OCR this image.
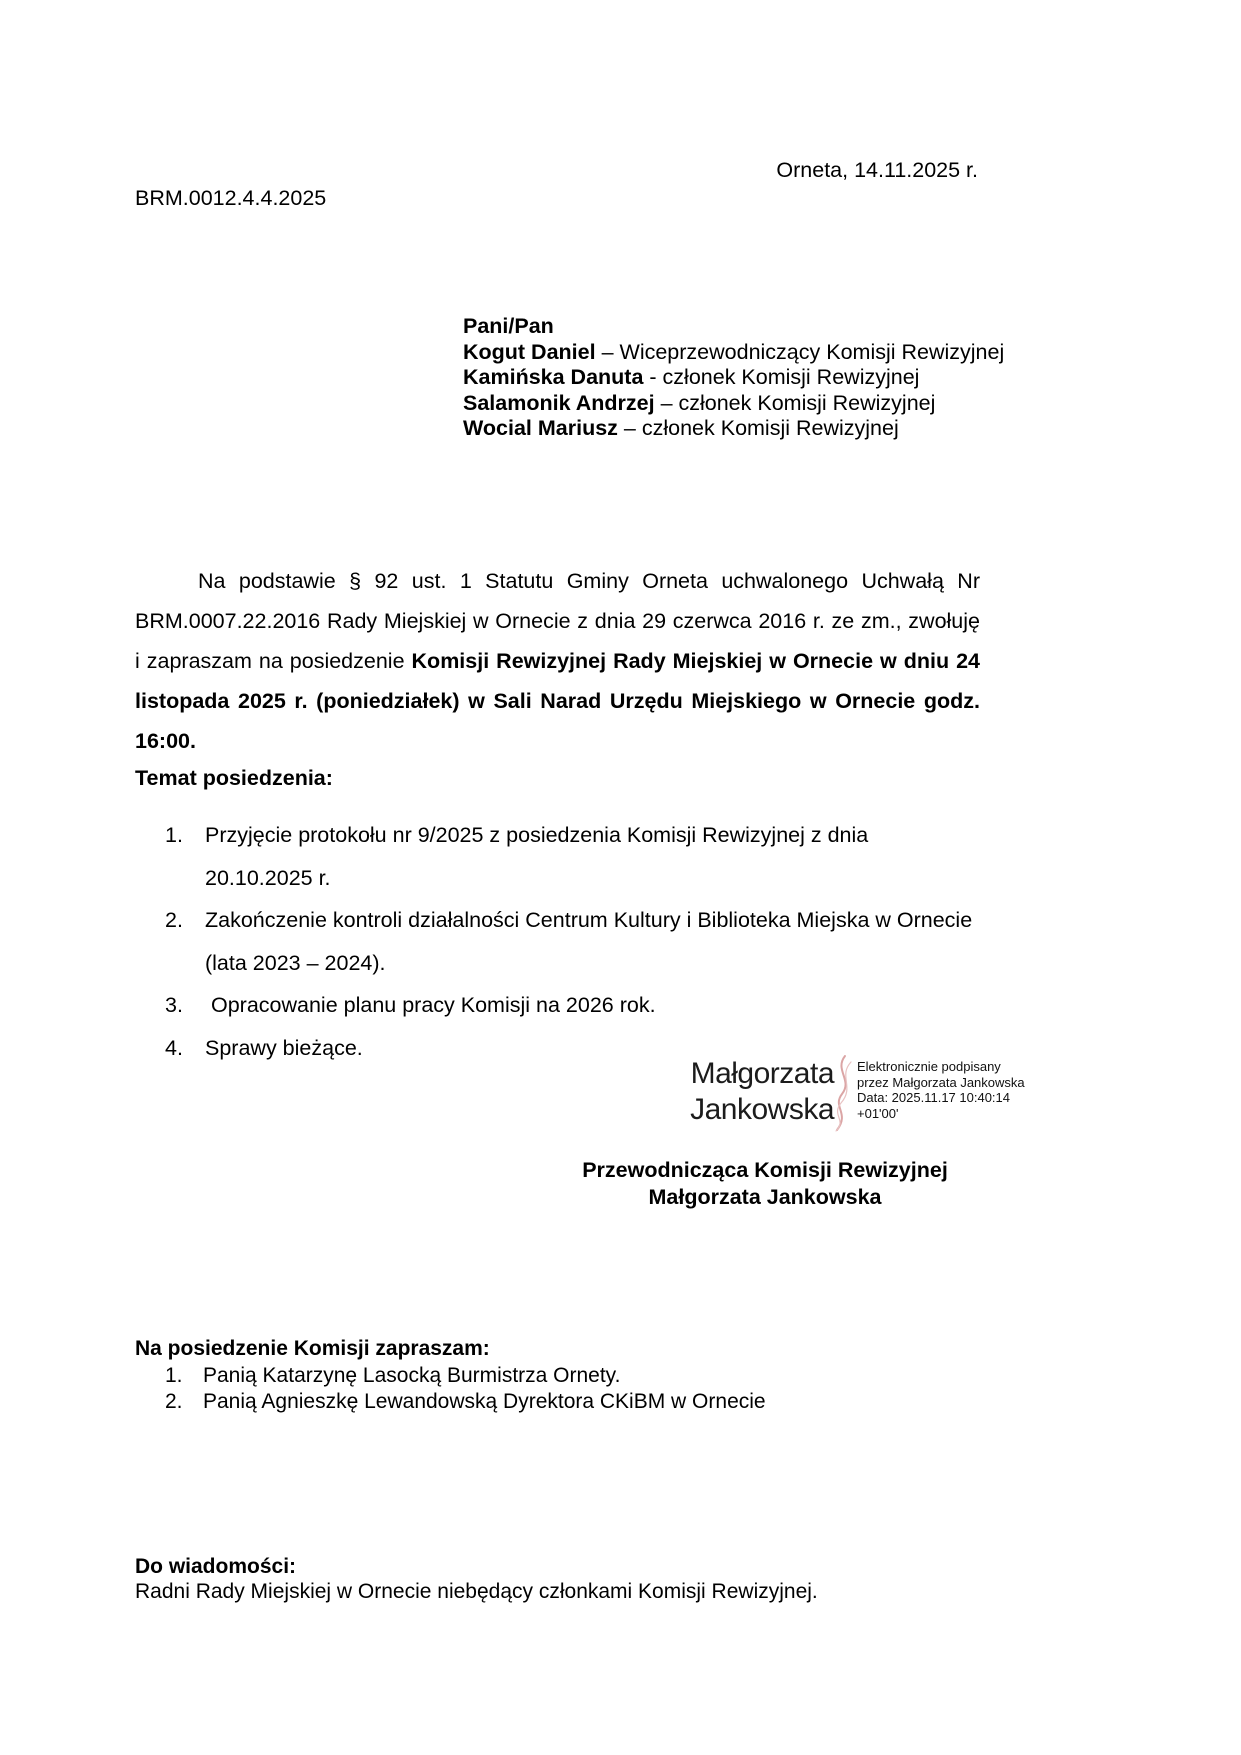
Orneta, 14.11.2025 r.
BRM.0012.4.4.2025
Pani/Pan
Kogut Daniel – Wiceprzewodniczący Komisji Rewizyjnej
Kamińska Danuta - członek Komisji Rewizyjnej
Salamonik Andrzej – członek Komisji Rewizyjnej
Wocial Mariusz – członek Komisji Rewizyjnej
Na podstawie § 92 ust. 1 Statutu Gminy Orneta uchwalonego Uchwałą Nr BRM.0007.22.2016 Rady Miejskiej w Ornecie z dnia 29 czerwca 2016 r. ze zm., zwołuję i zapraszam na posiedzenie Komisji Rewizyjnej Rady Miejskiej w Ornecie w dniu 24 listopada 2025 r. (poniedziałek) w Sali Narad Urzędu Miejskiego w Ornecie godz. 16:00.
Temat posiedzenia:
1.	Przyjęcie protokołu nr 9/2025 z posiedzenia Komisji Rewizyjnej z dnia 20.10.2025 r.
2.	Zakończenie kontroli działalności Centrum Kultury i Biblioteka Miejska w Ornecie (lata 2023 – 2024).
3.	Opracowanie planu pracy Komisji na 2026 rok.
4.	Sprawy bieżące.
Małgorzata Jankowska
Elektronicznie podpisany
przez Małgorzata Jankowska
Data: 2025.11.17 10:40:14
+01'00'
Przewodnicząca Komisji Rewizyjnej
Małgorzata Jankowska
Na posiedzenie Komisji zapraszam:
1. Panią Katarzynę Lasocką Burmistrza Ornety.
2. Panią Agnieszkę Lewandowską Dyrektora CKiBM w Ornecie
Do wiadomości:
Radni Rady Miejskiej w Ornecie niebędący członkami Komisji Rewizyjnej.
